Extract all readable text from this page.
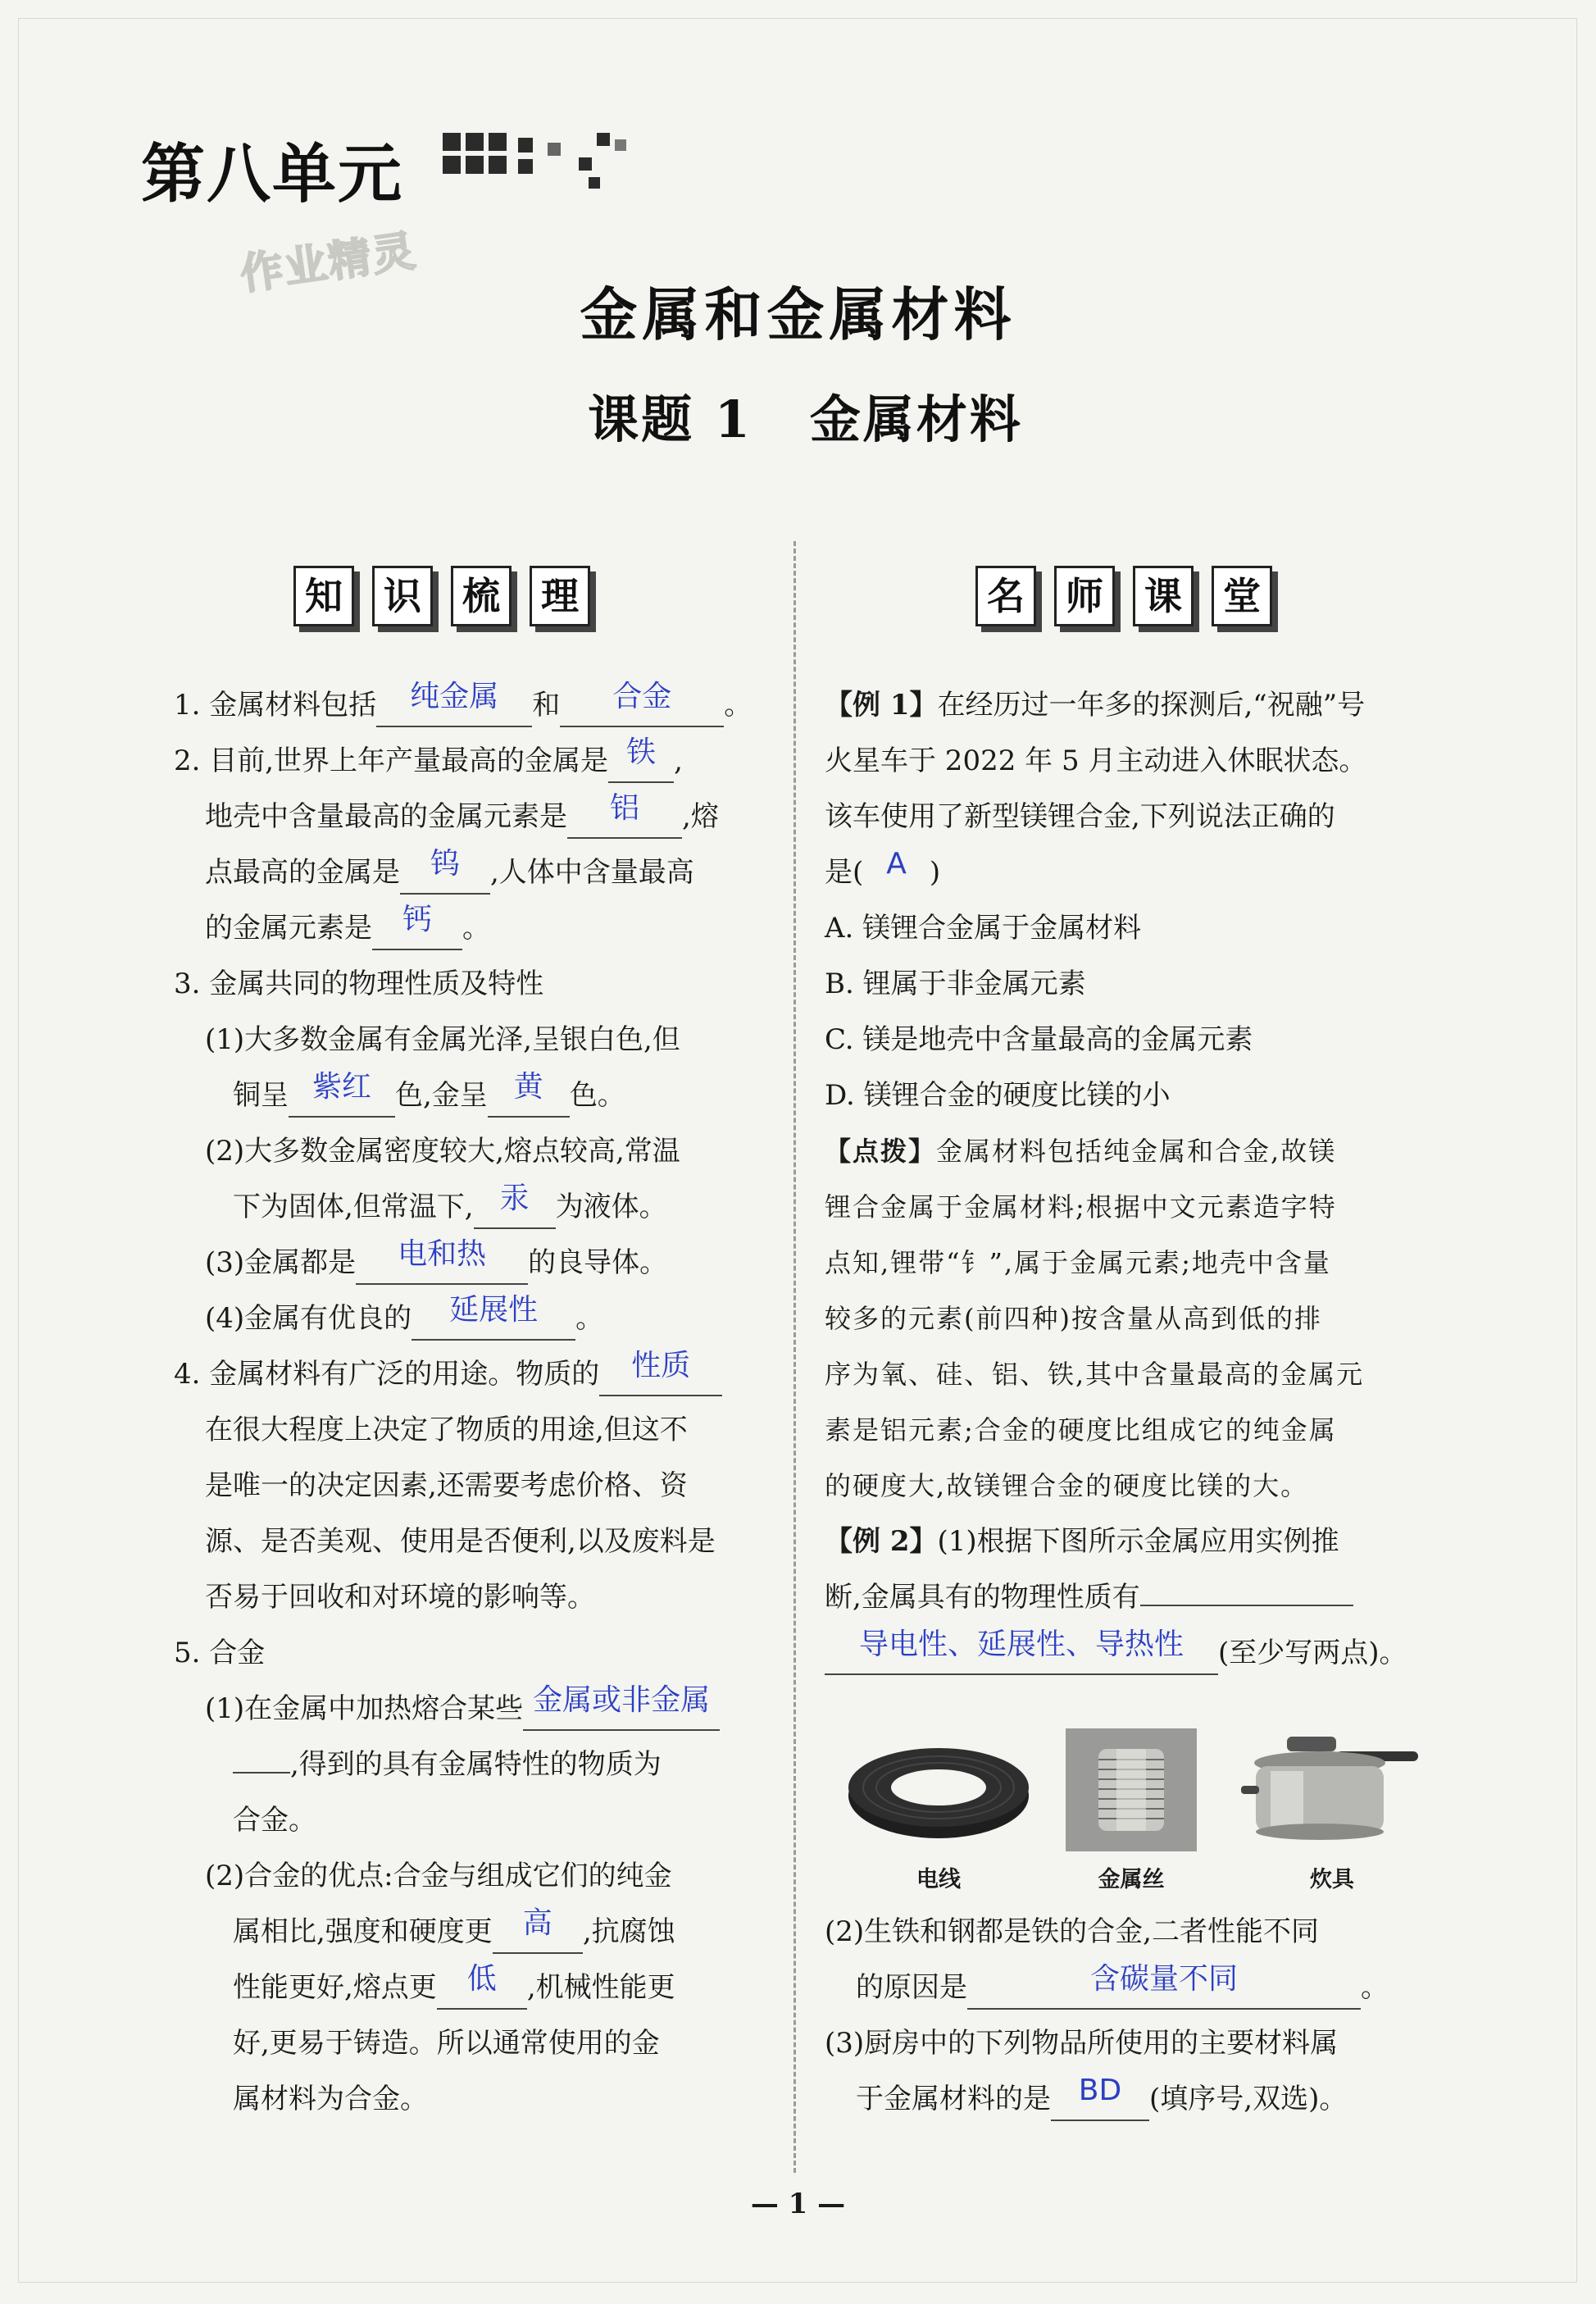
第八单元
作业精灵
金属和金属材料
课题 1 金属材料
知	识	梳	理	名	师	课	堂
1. 金属材料包括 纯金属 和 合金 。
2. 目前,世界上年产量最高的金属是 铁 ,
地壳中含量最高的金属元素是 铝 ,熔
点最高的金属是 钨 ,人体中含量最高
的金属元素是 钙 。
3. 金属共同的物理性质及特性
(1)大多数金属有金属光泽,呈银白色,但
铜呈 紫红 色,金呈 黄 色。
(2)大多数金属密度较大,熔点较高,常温
下为固体,但常温下, 汞 为液体。
(3)金属都是 电和热 的良导体。
(4)金属有优良的 延展性 。
4. 金属材料有广泛的用途。物质的 性质
在很大程度上决定了物质的用途,但这不
是唯一的决定因素,还需要考虑价格、资
源、是否美观、使用是否便利,以及废料是
否易于回收和对环境的影响等。
5. 合金
(1)在金属中加热熔合某些 金属或非金属
,得到的具有金属特性的物质为
合金。
(2)合金的优点:合金与组成它们的纯金
属相比,强度和硬度更 高 ,抗腐蚀
性能更好,熔点更 低 ,机械性能更
好,更易于铸造。所以通常使用的金
属材料为合金。
【例 1】在经历过一年多的探测后,“祝融”号
火星车于 2022 年 5 月主动进入休眠状态。
该车使用了新型镁锂合金,下列说法正确的
是( A )
A. 镁锂合金属于金属材料
B. 锂属于非金属元素
C. 镁是地壳中含量最高的金属元素
D. 镁锂合金的硬度比镁的小
【点拨】金属材料包括纯金属和合金,故镁
锂合金属于金属材料;根据中文元素造字特
点知,锂带“钅”,属于金属元素;地壳中含量
较多的元素(前四种)按含量从高到低的排
序为氧、硅、铝、铁,其中含量最高的金属元
素是铝元素;合金的硬度比组成它的纯金属
的硬度大,故镁锂合金的硬度比镁的大。
【例 2】(1)根据下图所示金属应用实例推
断,金属具有的物理性质有
导电性、延展性、导热性 (至少写两点)。
(2)生铁和钢都是铁的合金,二者性能不同
的原因是	含碳量不同	。
(3)厨房中的下列物品所使用的主要材料属
于金属材料的是 BD (填序号,双选)。
电线	金属丝	炊具
— 1 —
